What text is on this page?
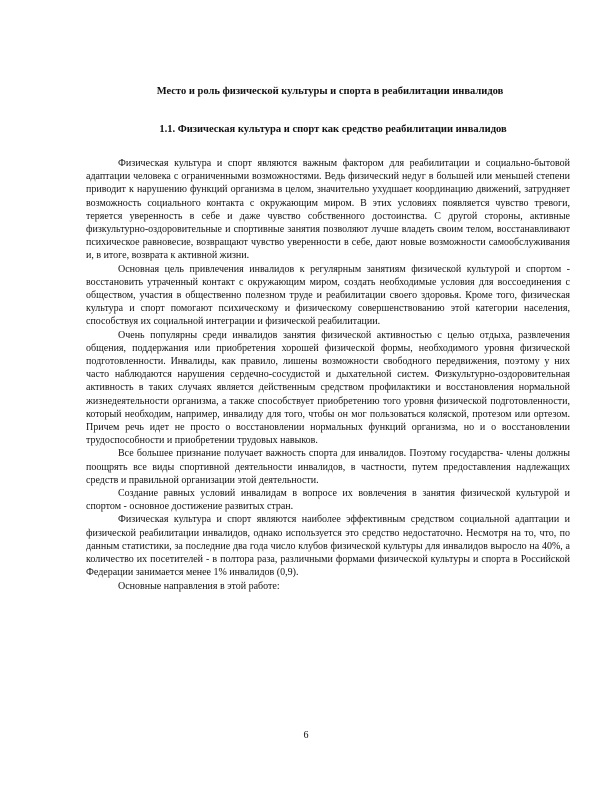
Место и роль физической культуры и спорта в реабилитации инвалидов
1.1. Физическая культура и спорт как средство реабилитации инвалидов

Физическая культура и спорт являются важным фактором для реабилитации и социально-бытовой адаптации человека с ограниченными возможностями. Ведь физический недуг в большей или меньшей степени приводит к нарушению функций организма в целом, значительно ухудшает координацию движений, затрудняет возможность социального контакта с окружающим миром. В этих условиях появляется чувство тревоги, теряется уверенность в себе и даже чувство собственного достоинства. С другой стороны, активные физкультурно-оздоровительные и спортивные занятия позволяют лучше владеть своим телом, восстанавливают психическое равновесие, возвращают чувство уверенности в себе, дают новые возможности самообслуживания и, в итоге, возврата к активной жизни.

Основная цель привлечения инвалидов к регулярным занятиям физической культурой и спортом - восстановить утраченный контакт с окружающим миром, создать необходимые условия для воссоединения с обществом, участия в общественно полезном труде и реабилитации своего здоровья. Кроме того, физическая культура и спорт помогают психическому и физическому совершенствованию этой категории населения, способствуя их социальной интеграции и физической реабилитации.

Очень популярны среди инвалидов занятия физической активностью с целью отдыха, развлечения общения, поддержания или приобретения хорошей физической формы, необходимого уровня физической подготовленности. Инвалиды, как правило, лишены возможности свободного передвижения, поэтому у них часто наблюдаются нарушения сердечно-сосудистой и дыхательной систем. Физкультурно-оздоровительная активность в таких случаях является действенным средством профилактики и восстановления нормальной жизнедеятельности организма, а также способствует приобретению того уровня физической подготовленности, который необходим, например, инвалиду для того, чтобы он мог пользоваться коляской, протезом или ортезом. Причем речь идет не просто о восстановлении нормальных функций организма, но и о восстановлении трудоспособности и приобретении трудовых навыков.

Все большее признание получает важность спорта для инвалидов. Поэтому государства- члены должны поощрять все виды спортивной деятельности инвалидов, в частности, путем предоставления надлежащих средств и правильной организации этой деятельности.

Создание равных условий инвалидам в вопросе их вовлечения в занятия физической культурой и спортом - основное достижение развитых стран.

Физическая культура и спорт являются наиболее эффективным средством социальной адаптации и физической реабилитации инвалидов, однако используется это средство недостаточно. Несмотря на то, что, по данным статистики, за последние два года число клубов физической культуры для инвалидов выросло на 40%, а количество их посетителей - в полтора раза, различными формами физической культуры и спорта в Российской Федерации занимается менее 1% инвалидов (0,9).

Основные направления в этой работе:

6
